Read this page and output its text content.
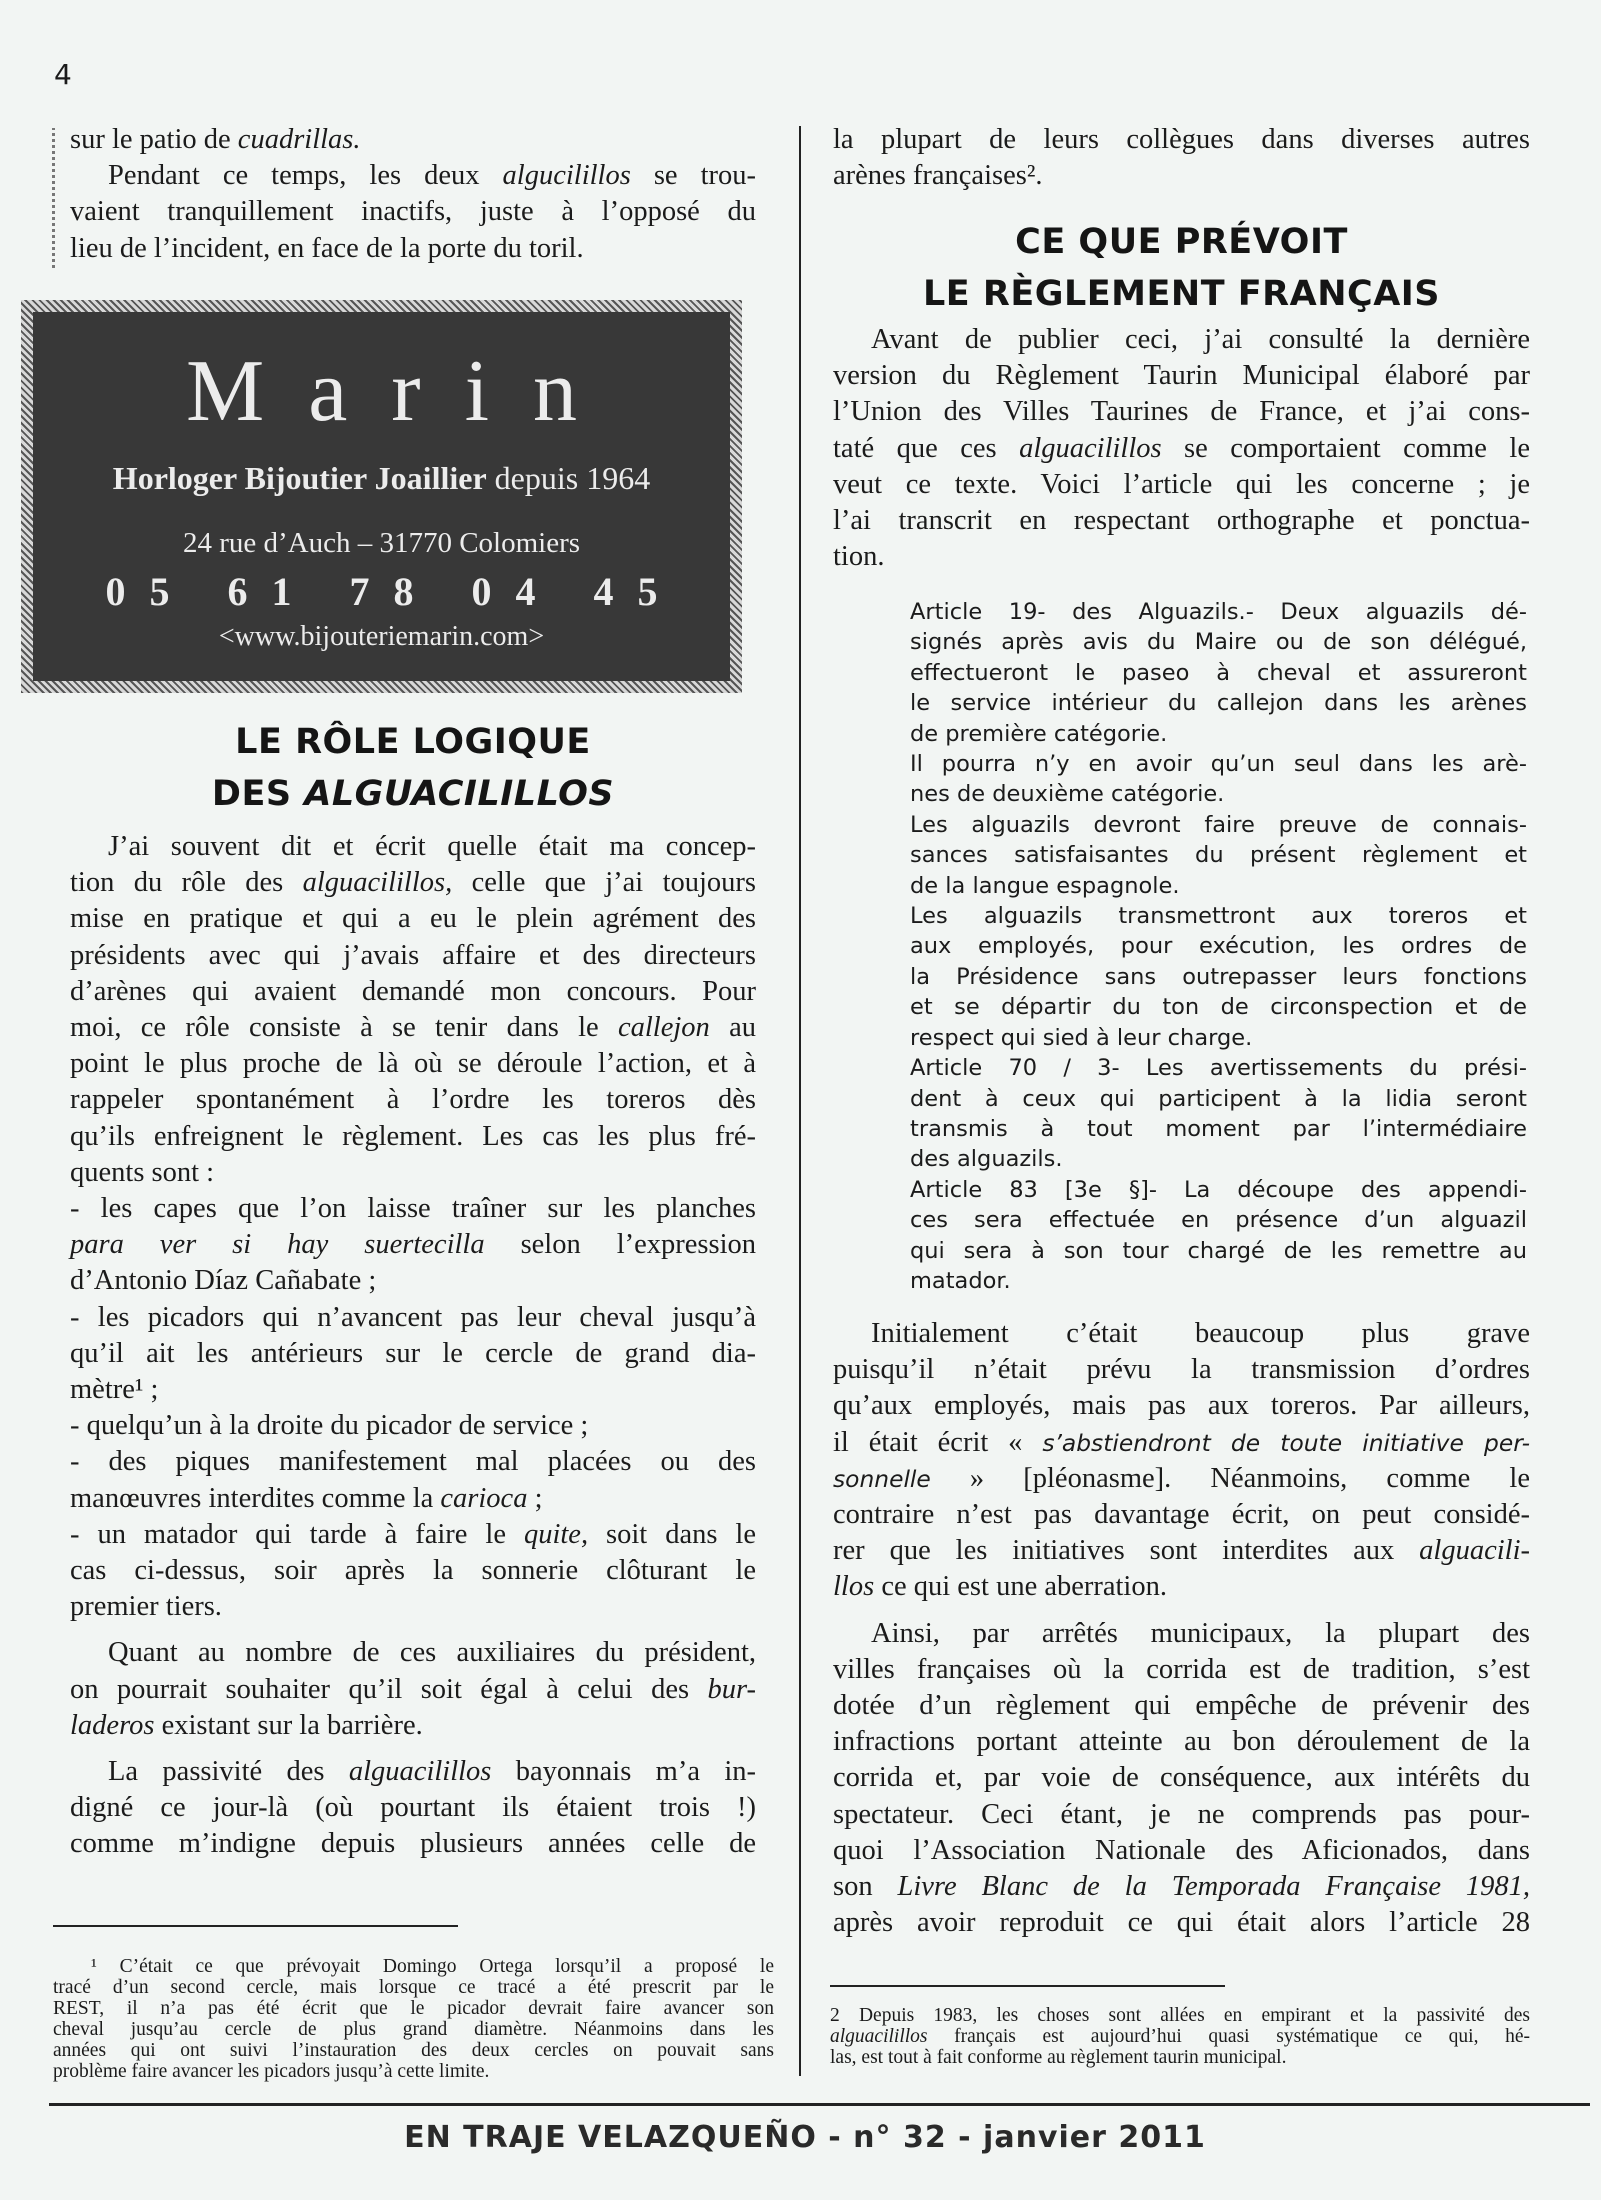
4
sur le patio de cuadrillas.
Pendant ce temps, les deux algucilillos se trou-
vaient tranquillement inactifs, juste à l’opposé du
lieu de l’incident, en face de la porte du toril.
Marin
Horloger Bijoutier Joaillier depuis 1964
24 rue d’Auch – 31770 Colomiers
05 61 78 04 45
<www.bijouteriemarin.com>
LE RÔLE LOGIQUE
DES ALGUACILILLOS
J’ai souvent dit et écrit quelle était ma concep-
tion du rôle des alguacilillos, celle que j’ai toujours
mise en pratique et qui a eu le plein agrément des
présidents avec qui j’avais affaire et des directeurs
d’arènes qui avaient demandé mon concours. Pour
moi, ce rôle consiste à se tenir dans le callejon au
point le plus proche de là où se déroule l’action, et à
rappeler spontanément à l’ordre les toreros dès
qu’ils enfreignent le règlement. Les cas les plus fré-
quents sont :
- les capes que l’on laisse traîner sur les planches
para ver si hay suertecilla selon l’expression
d’Antonio Díaz Cañabate ;
- les picadors qui n’avancent pas leur cheval jusqu’à
qu’il ait les antérieurs sur le cercle de grand dia-
mètre¹ ;
- quelqu’un à la droite du picador de service ;
- des piques manifestement mal placées ou des
manœuvres interdites comme la carioca ;
- un matador qui tarde à faire le quite, soit dans le
cas ci-dessus, soir après la sonnerie clôturant le
premier tiers.
Quant au nombre de ces auxiliaires du président,
on pourrait souhaiter qu’il soit égal à celui des bur-
laderos existant sur la barrière.
La passivité des alguacilillos bayonnais m’a in-
digné ce jour-là (où pourtant ils étaient trois !)
comme m’indigne depuis plusieurs années celle de
¹ C’était ce que prévoyait Domingo Ortega lorsqu’il a proposé le
tracé d’un second cercle, mais lorsque ce tracé a été prescrit par le
REST, il n’a pas été écrit que le picador devrait faire avancer son
cheval jusqu’au cercle de plus grand diamètre. Néanmoins dans les
années qui ont suivi l’instauration des deux cercles on pouvait sans
problème faire avancer les picadors jusqu’à cette limite.
la plupart de leurs collègues dans diverses autres
arènes françaises².
CE QUE PRÉVOIT
LE RÈGLEMENT FRANÇAIS
Avant de publier ceci, j’ai consulté la dernière
version du Règlement Taurin Municipal élaboré par
l’Union des Villes Taurines de France, et j’ai cons-
taté que ces alguacilillos se comportaient comme le
veut ce texte. Voici l’article qui les concerne ; je
l’ai transcrit en respectant orthographe et ponctua-
tion.
Article 19- des Alguazils.- Deux alguazils dé-
signés après avis du Maire ou de son délégué,
effectueront le paseo à cheval et assureront
le service intérieur du callejon dans les arènes
de première catégorie.
Il pourra n’y en avoir qu’un seul dans les arè-
nes de deuxième catégorie.
Les alguazils devront faire preuve de connais-
sances satisfaisantes du présent règlement et
de la langue espagnole.
Les alguazils transmettront aux toreros et
aux employés, pour exécution, les ordres de
la Présidence sans outrepasser leurs fonctions
et se départir du ton de circonspection et de
respect qui sied à leur charge.
Article 70 / 3- Les avertissements du prési-
dent à ceux qui participent à la lidia seront
transmis à tout moment par l’intermédiaire
des alguazils.
Article 83 [3e §]- La découpe des appendi-
ces sera effectuée en présence d’un alguazil
qui sera à son tour chargé de les remettre au
matador.
Initialement c’était beaucoup plus grave
puisqu’il n’était prévu la transmission d’ordres
qu’aux employés, mais pas aux toreros. Par ailleurs,
il était écrit « s’abstiendront de toute initiative per-
sonnelle » [pléonasme]. Néanmoins, comme le
contraire n’est pas davantage écrit, on peut considé-
rer que les initiatives sont interdites aux alguacili-
llos ce qui est une aberration.
Ainsi, par arrêtés municipaux, la plupart des
villes françaises où la corrida est de tradition, s’est
dotée d’un règlement qui empêche de prévenir des
infractions portant atteinte au bon déroulement de la
corrida et, par voie de conséquence, aux intérêts du
spectateur. Ceci étant, je ne comprends pas pour-
quoi l’Association Nationale des Aficionados, dans
son Livre Blanc de la Temporada Française 1981,
après avoir reproduit ce qui était alors l’article 28
2 Depuis 1983, les choses sont allées en empirant et la passivité des
alguacilillos français est aujourd’hui quasi systématique ce qui, hé-
las, est tout à fait conforme au règlement taurin municipal.
EN TRAJE VELAZQUEÑO - n° 32 - janvier 2011
